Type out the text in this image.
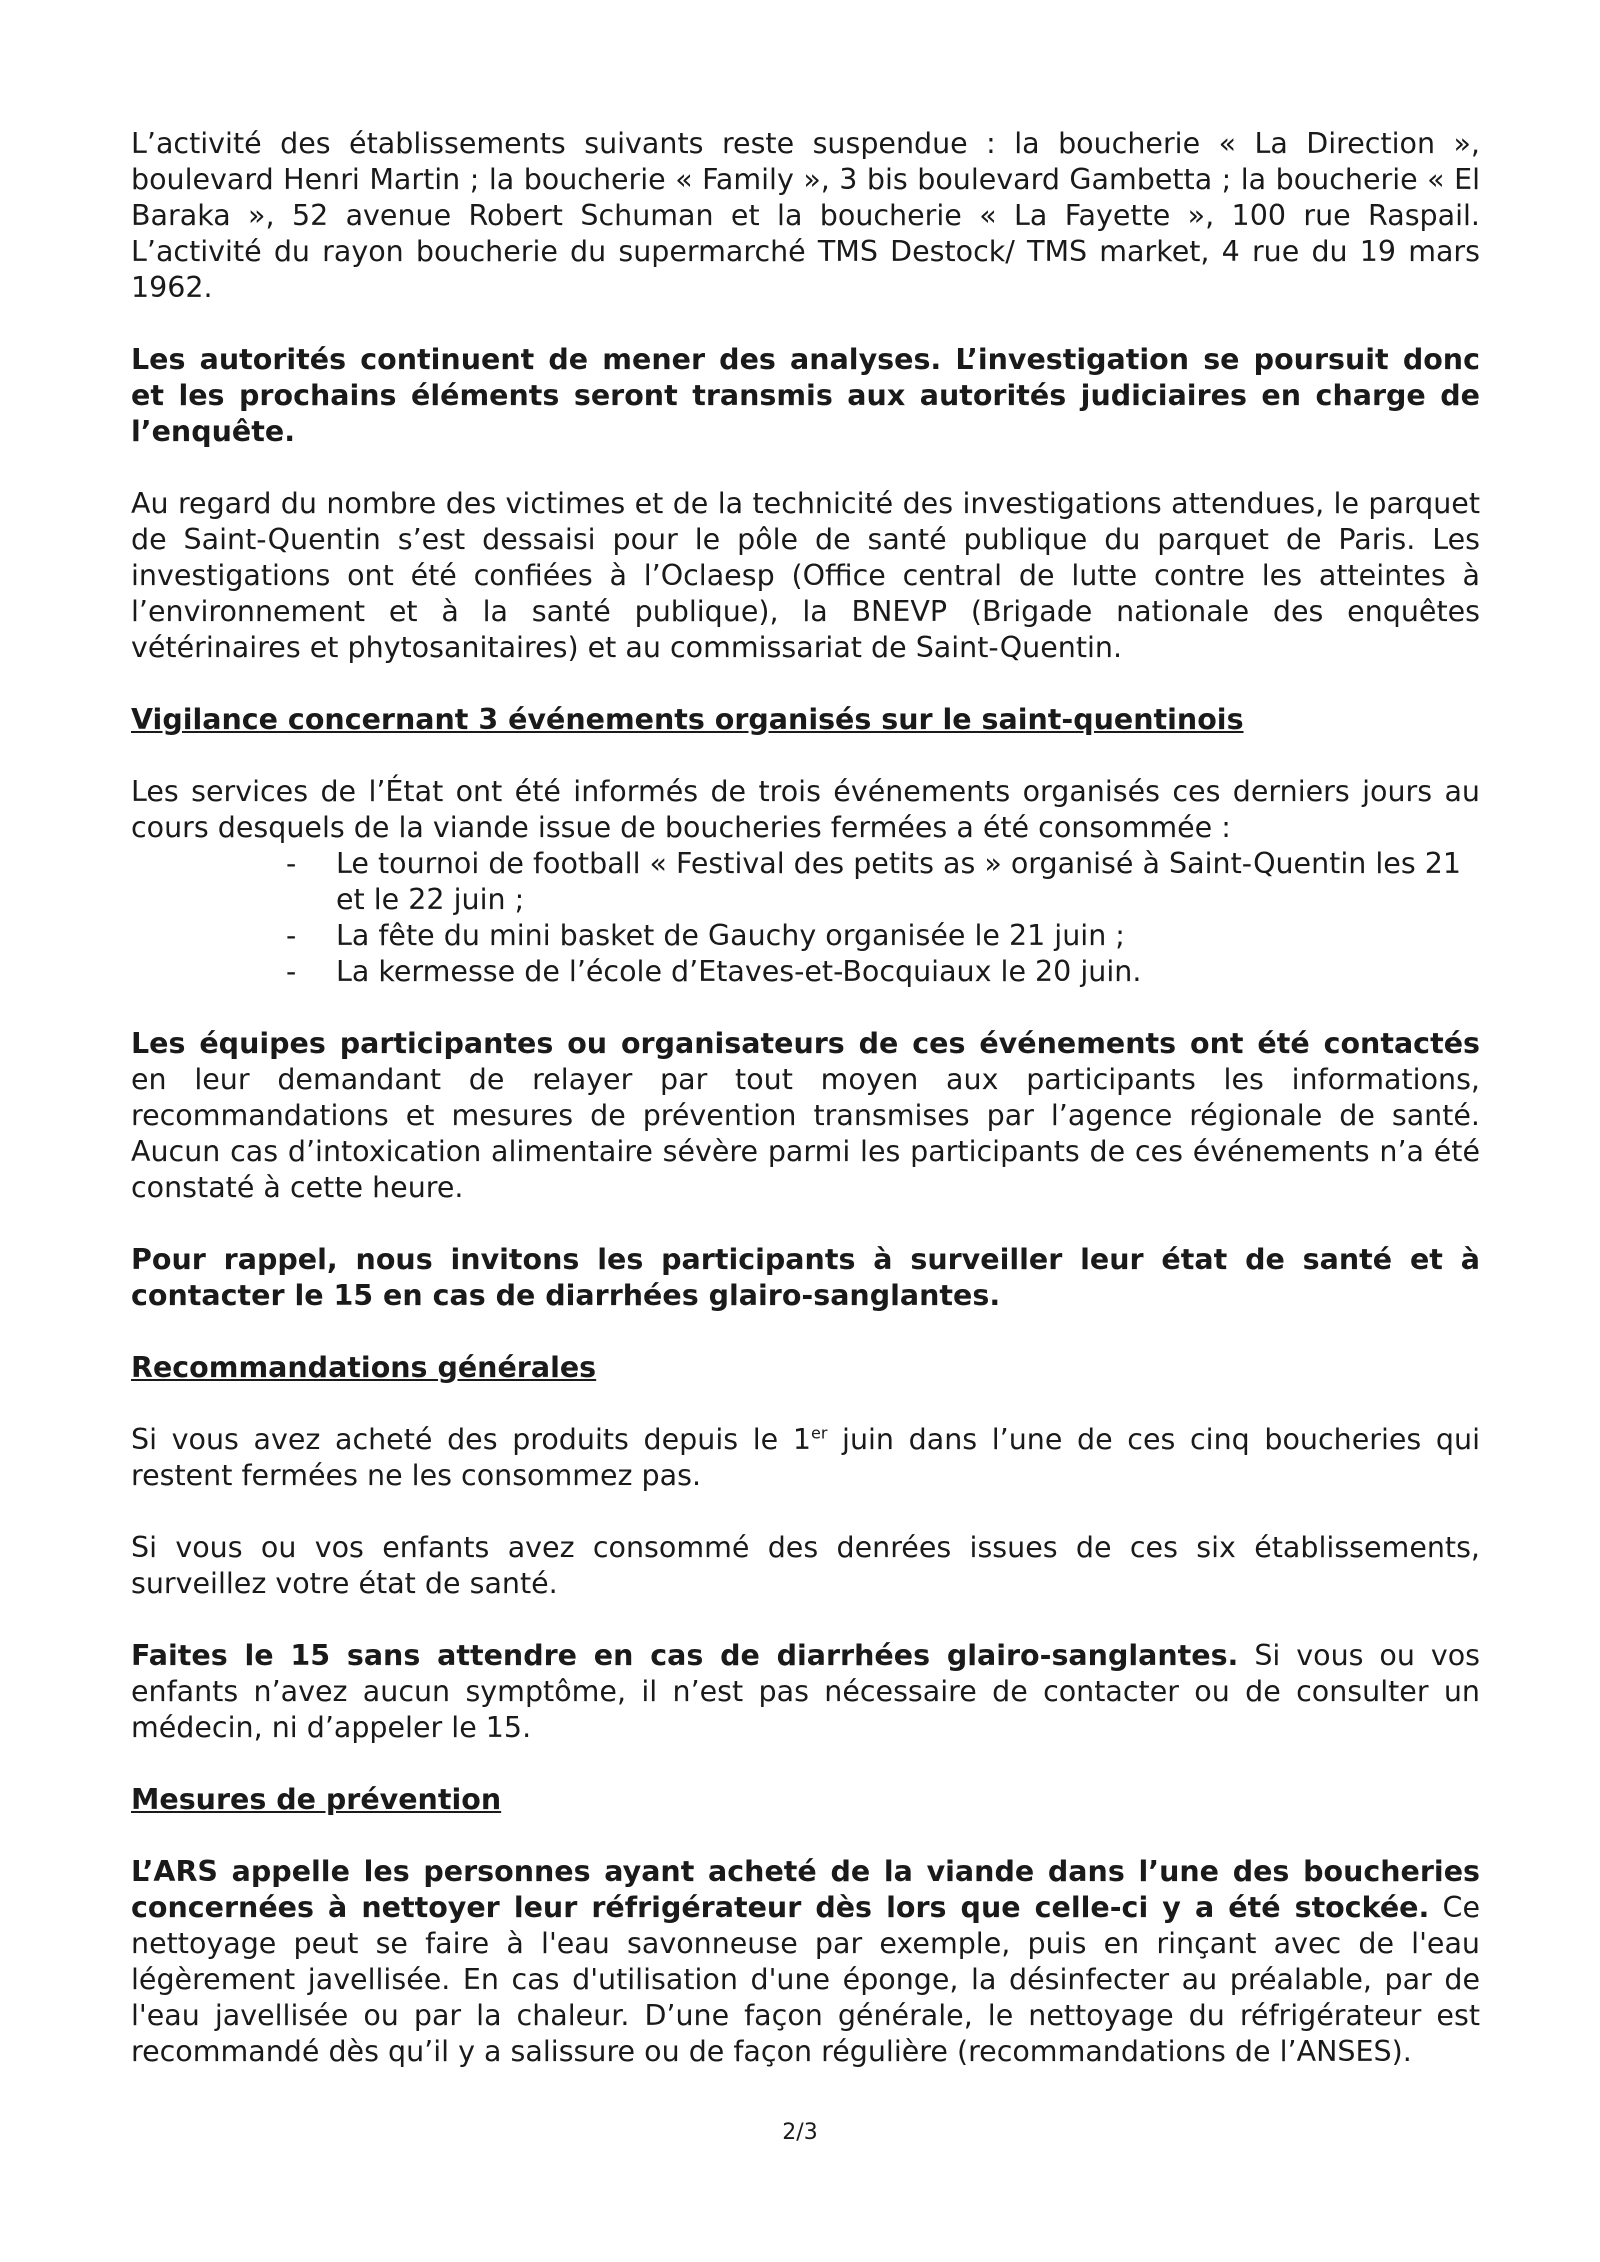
L’activité des établissements suivants reste suspendue : la boucherie « La Direction », boulevard Henri Martin ; la boucherie « Family », 3 bis boulevard Gambetta ; la boucherie « El Baraka », 52 avenue Robert Schuman et la boucherie « La Fayette », 100 rue Raspail. L’activité du rayon boucherie du supermarché TMS Destock/ TMS market, 4 rue du 19 mars 1962.

Les autorités continuent de mener des analyses. L’investigation se poursuit donc et les prochains éléments seront transmis aux autorités judiciaires en charge de l’enquête.

Au regard du nombre des victimes et de la technicité des investigations attendues, le parquet de Saint-Quentin s’est dessaisi pour le pôle de santé publique du parquet de Paris. Les investigations ont été confiées à l’Oclaesp (Office central de lutte contre les atteintes à l’environnement et à la santé publique), la BNEVP (Brigade nationale des enquêtes vétérinaires et phytosanitaires) et au commissariat de Saint-Quentin.

Vigilance concernant 3 événements organisés sur le saint-quentinois

Les services de l’État ont été informés de trois événements organisés ces derniers jours au cours desquels de la viande issue de boucheries fermées a été consommée :

- Le tournoi de football « Festival des petits as » organisé à Saint-Quentin les 21 et le 22 juin ;
- La fête du mini basket de Gauchy organisée le 21 juin ;
- La kermesse de l’école d’Etaves-et-Bocquiaux le 20 juin.

Les équipes participantes ou organisateurs de ces événements ont été contactés en leur demandant de relayer par tout moyen aux participants les informations, recommandations et mesures de prévention transmises par l’agence régionale de santé. Aucun cas d’intoxication alimentaire sévère parmi les participants de ces événements n’a été constaté à cette heure.

Pour rappel, nous invitons les participants à surveiller leur état de santé et à contacter le 15 en cas de diarrhées glairo-sanglantes.

Recommandations générales

Si vous avez acheté des produits depuis le 1er juin dans l’une de ces cinq boucheries qui restent fermées ne les consommez pas.

Si vous ou vos enfants avez consommé des denrées issues de ces six établissements, surveillez votre état de santé.

Faites le 15 sans attendre en cas de diarrhées glairo-sanglantes. Si vous ou vos enfants n’avez aucun symptôme, il n’est pas nécessaire de contacter ou de consulter un médecin, ni d’appeler le 15.

Mesures de prévention

L’ARS appelle les personnes ayant acheté de la viande dans l’une des boucheries concernées à nettoyer leur réfrigérateur dès lors que celle-ci y a été stockée. Ce nettoyage peut se faire à l'eau savonneuse par exemple, puis en rinçant avec de l'eau légèrement javellisée. En cas d'utilisation d'une éponge, la désinfecter au préalable, par de l'eau javellisée ou par la chaleur. D’une façon générale, le nettoyage du réfrigérateur est recommandé dès qu’il y a salissure ou de façon régulière (recommandations de l’ANSES).

2/3
